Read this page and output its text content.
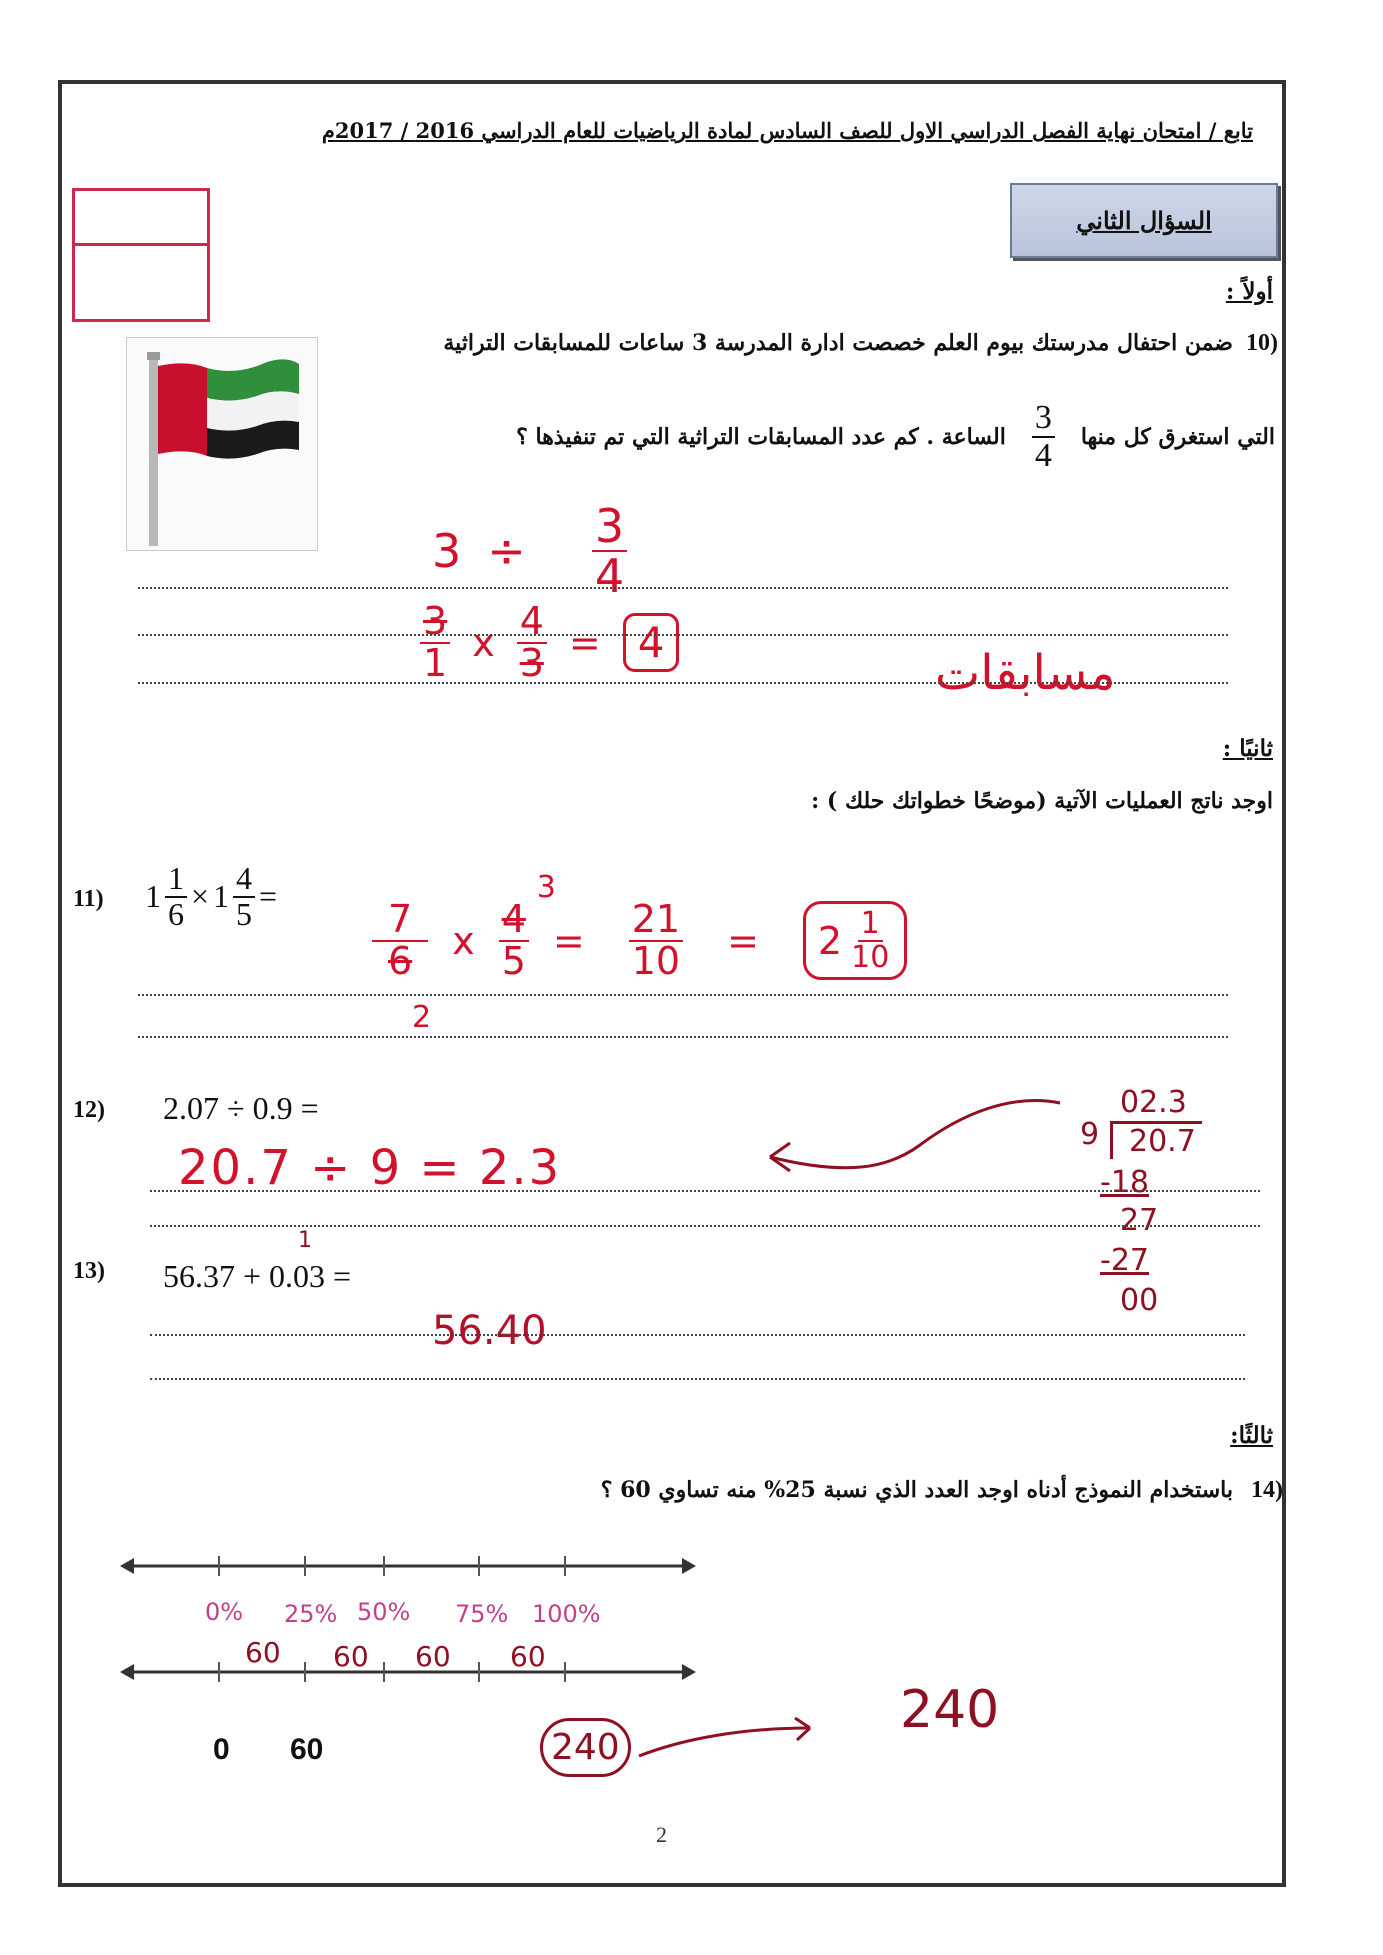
تابع / امتحان نهاية الفصل الدراسي الاول للصف السادس لمادة الرياضيات للعام الدراسي 2016 / 2017م
السؤال الثاني
أولاً :
10)
ضمن احتفال مدرستك بيوم العلم خصصت ادارة المدرسة 3 ساعات للمسابقات التراثية
التي استغرق كل منها
$\frac{3}{4}$
الساعة . كم عدد المسابقات التراثية التي تم تنفيذها ؟
$3 \div \frac{3}{4}$
$\frac{3}{1}$ x $\frac{4}{3} = 4$
مسابقات
ثانيًا :
اوجد ناتج العمليات الآتية (موضحًا خطواتك حلك ) :
11) $1 \frac{1}{6} \times 1 \frac{4}{5}$ =
$\frac{7}{6}$
2
x $\frac{4}{5}$
3
= $\frac{21}{10} = 2 \frac{1}{10}$
12) 2.07 ÷ 0.9 =
20.7 ÷ 9 = 2.3
02.3
9 20.7
-18
27
-27
00
13) 56.37 + 0.03 =
1
56.40
ثالثًا:
14)
باستخدام النموذج أدناه اوجد العدد الذي نسبة 25% منه تساوي 60 ؟
0% 25% 50% 75% 100%
60 60 60 60
0 60	240
240
2
